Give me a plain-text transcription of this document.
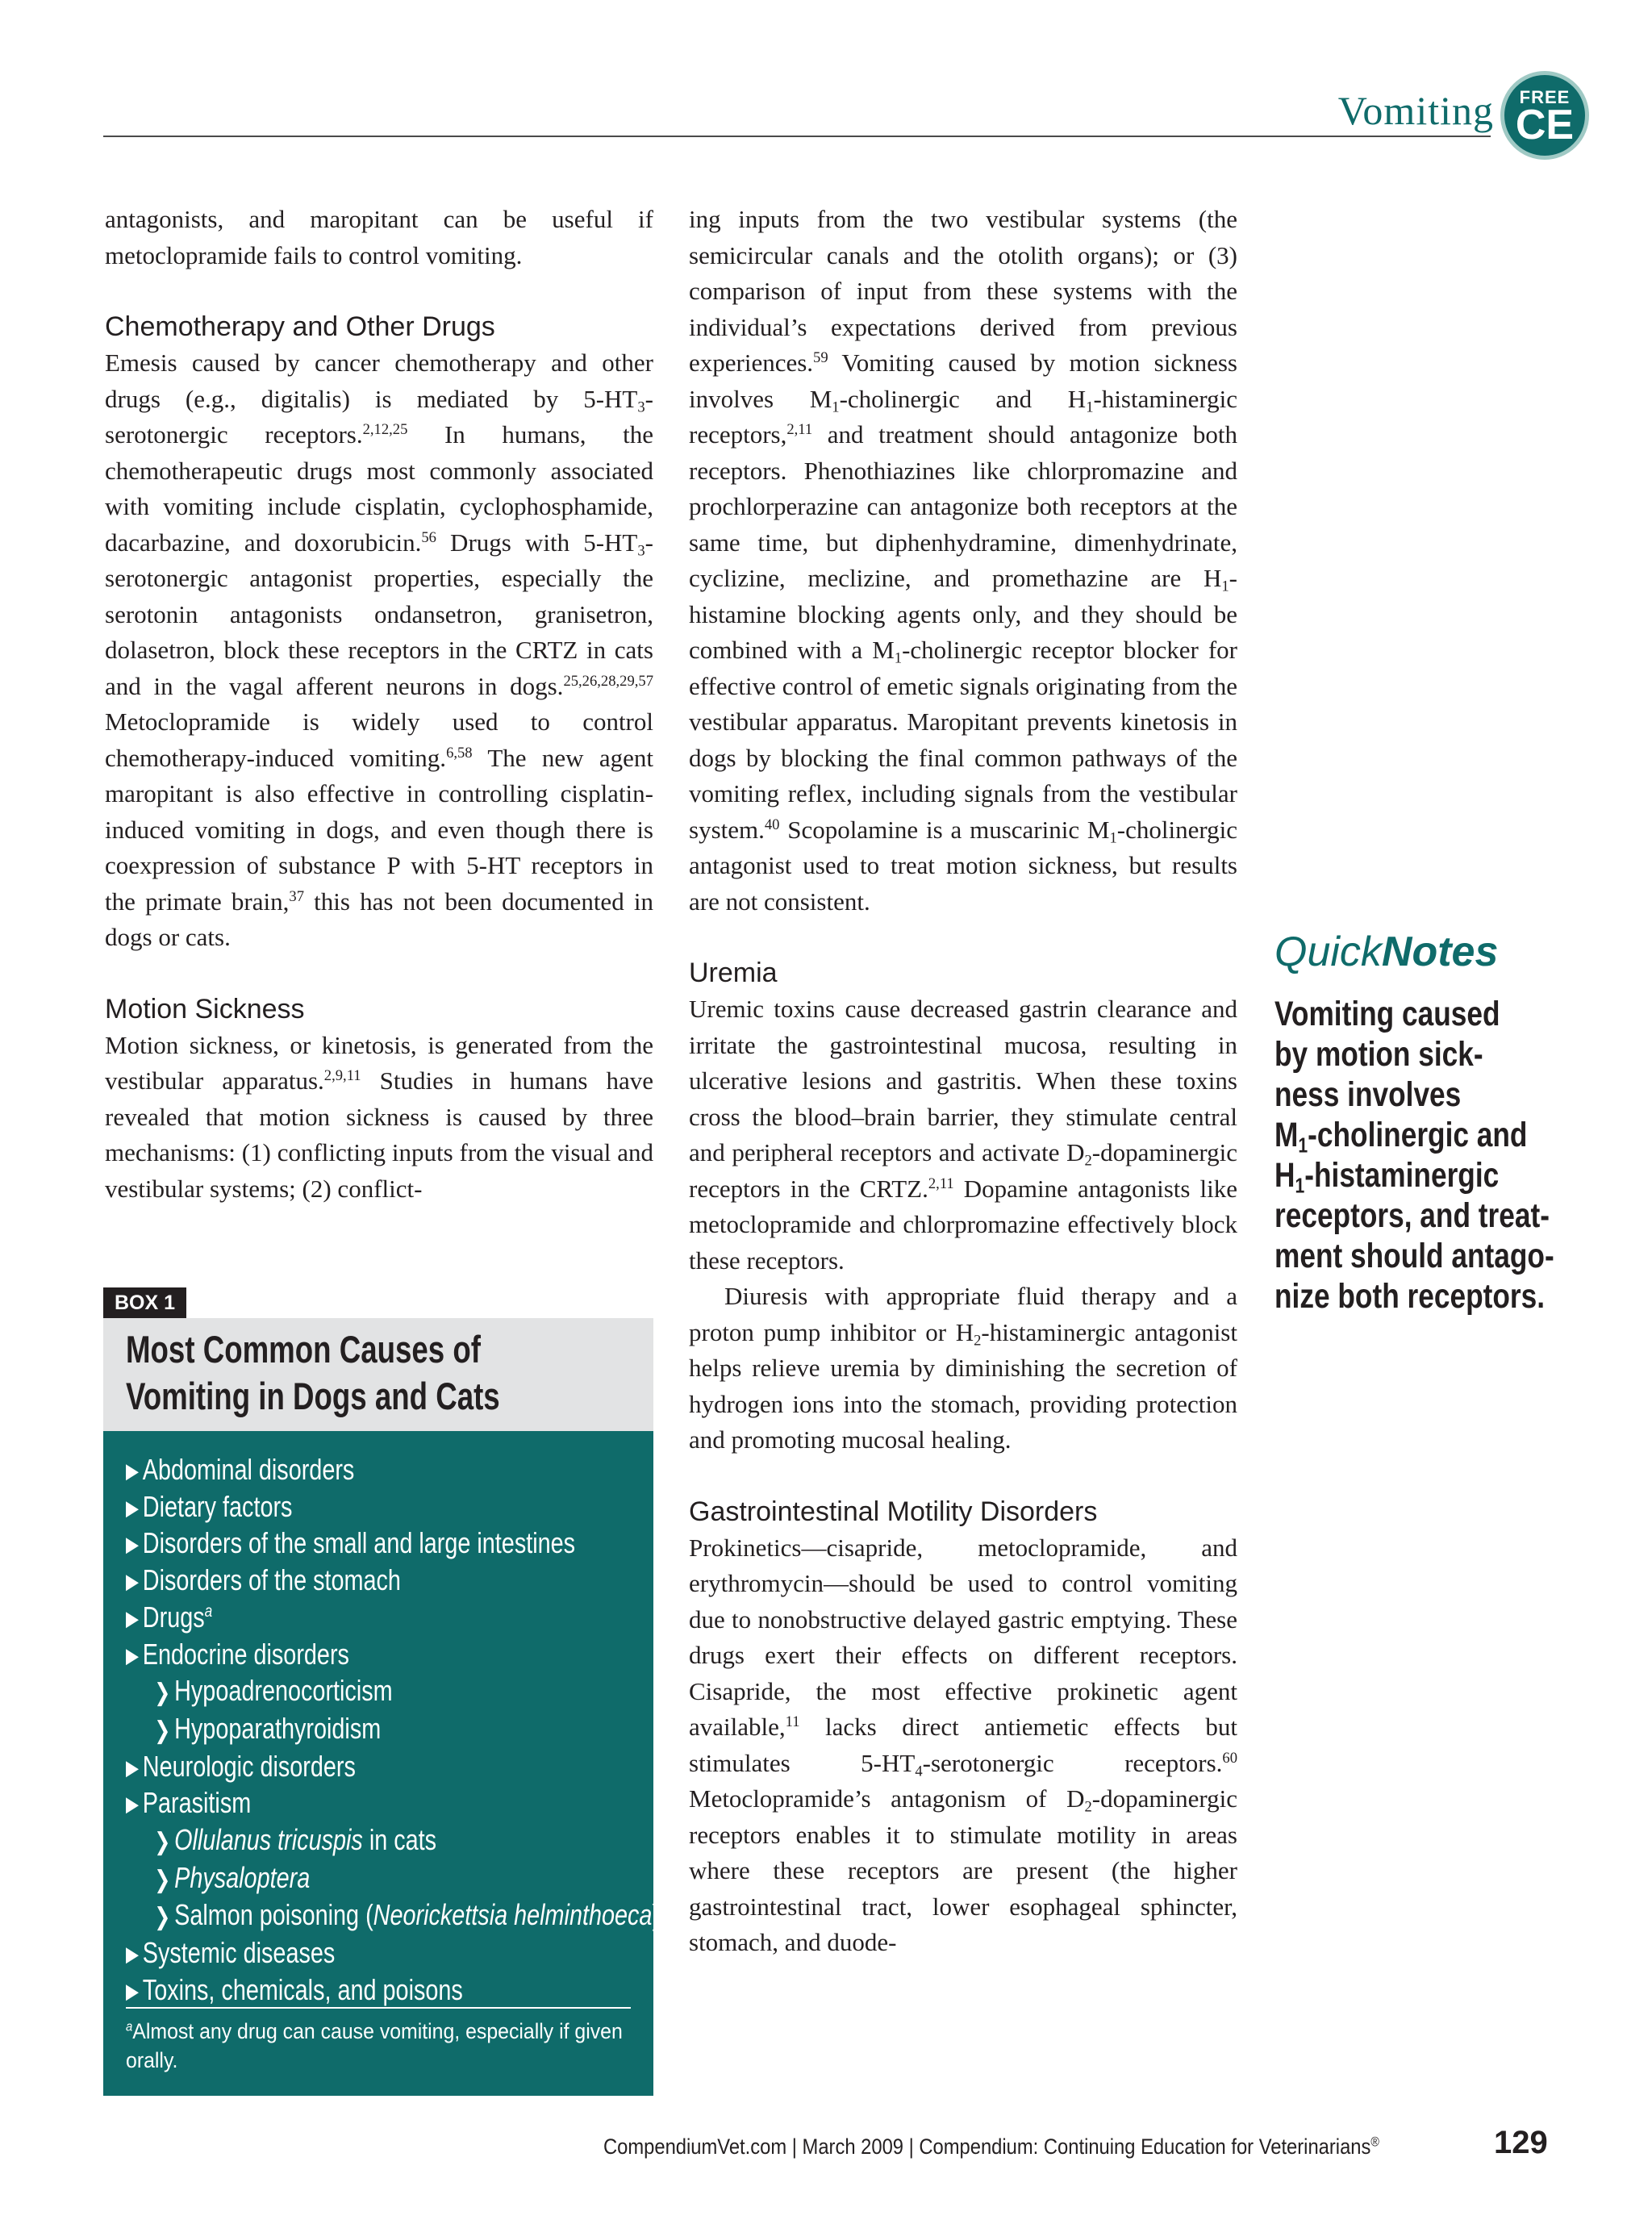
Vomiting	FREE
CE

antagonists, and maropitant can be useful if metoclopramide fails to control vomiting.

Chemotherapy and Other Drugs

Emesis caused by cancer chemotherapy and other drugs (e.g., digitalis) is mediated by $5-HT_3$-serotonergic receptors.$^{2,12,25}$ In humans, the chemotherapeutic drugs most commonly associated with vomiting include cisplatin, cyclophosphamide, dacarbazine, and doxorubicin.$^{56}$ Drugs with $5-HT_3$-serotonergic antagonist properties, especially the serotonin antagonists ondansetron, granisetron, dolasetron, block these receptors in the CRTZ in cats and in the vagal afferent neurons in dogs.$^{25,26,28,29,57}$ Metoclopramide is widely used to control chemotherapy-induced vomiting.$^{6,58}$ The new agent maropitant is also effective in controlling cisplatin-induced vomiting in dogs, and even though there is coexpression of substance P with 5-HT receptors in the primate brain,$^{37}$ this has not been documented in dogs or cats.

Motion Sickness

Motion sickness, or kinetosis, is generated from the vestibular apparatus.$^{2,9,11}$ Studies in humans have revealed that motion sickness is caused by three mechanisms: (1) conflicting inputs from the visual and vestibular systems; (2) conflict-

ing inputs from the two vestibular systems (the semicircular canals and the otolith organs); or (3) comparison of input from these systems with the individual’s expectations derived from previous experiences.$^{59}$ Vomiting caused by motion sickness involves $M_1$-cholinergic and $H_1$-histaminergic receptors,$^{2,11}$ and treatment should antagonize both receptors. Phenothiazines like chlorpromazine and prochlorperazine can antagonize both receptors at the same time, but diphenhydramine, dimenhydrinate, cyclizine, meclizine, and promethazine are $H_1$-histamine blocking agents only, and they should be combined with a $M_1$-cholinergic receptor blocker for effective control of emetic signals originating from the vestibular apparatus. Maropitant prevents kinetosis in dogs by blocking the final common pathways of the vomiting reflex, including signals from the vestibular system.$^{40}$ Scopolamine is a muscarinic $M_1$-cholinergic antagonist used to treat motion sickness, but results are not consistent.

Uremia

Uremic toxins cause decreased gastrin clearance and irritate the gastrointestinal mucosa, resulting in ulcerative lesions and gastritis. When these toxins cross the blood–brain barrier, they stimulate central and peripheral receptors and activate $D_2$-dopaminergic receptors in the CRTZ.$^{2,11}$ Dopamine antagonists like metoclopramide and chlorpromazine effectively block these receptors.

Diuresis with appropriate fluid therapy and a proton pump inhibitor or $H_2$-histaminergic antagonist helps relieve uremia by diminishing the secretion of hydrogen ions into the stomach, providing protection and promoting mucosal healing.

Gastrointestinal Motility Disorders

Prokinetics—cisapride, metoclopramide, and erythromycin—should be used to control vomiting due to nonobstructive delayed gastric emptying. These drugs exert their effects on different receptors. Cisapride, the most effective prokinetic agent available,$^{11}$ lacks direct antiemetic effects but stimulates $5-HT_4$-serotonergic receptors.$^{60}$ Metoclopramide’s antagonism of $D_2$-dopaminergic receptors enables it to stimulate motility in areas where these receptors are present (the higher gastrointestinal tract, lower esophageal sphincter, stomach, and duode-

BOX 1
Most Common Causes of
Vomiting in Dogs and Cats
▶ Abdominal disorders
▶ Dietary factors
▶ Disorders of the small and large intestines
▶ Disorders of the stomach
▶ Drugs$^a$
▶ Endocrine disorders
❯ Hypoadrenocorticism
❯ Hypoparathyroidism
▶ Neurologic disorders
▶ Parasitism
❯ Ollulanus tricuspis in cats
❯ Physaloptera
❯ Salmon poisoning (Neorickettsia helminthoeca)
▶ Systemic diseases
▶ Toxins, chemicals, and poisons
$^a$Almost any drug can cause vomiting, especially if given orally.
QuickNotes
Vomiting caused
by motion sick-
ness involves
$M_1$-cholinergic and
$H_1$-histaminergic
receptors, and treat-
ment should antago-
nize both receptors.
CompendiumVet.com | March 2009 | Compendium: Continuing Education for Veterinarians®	129
